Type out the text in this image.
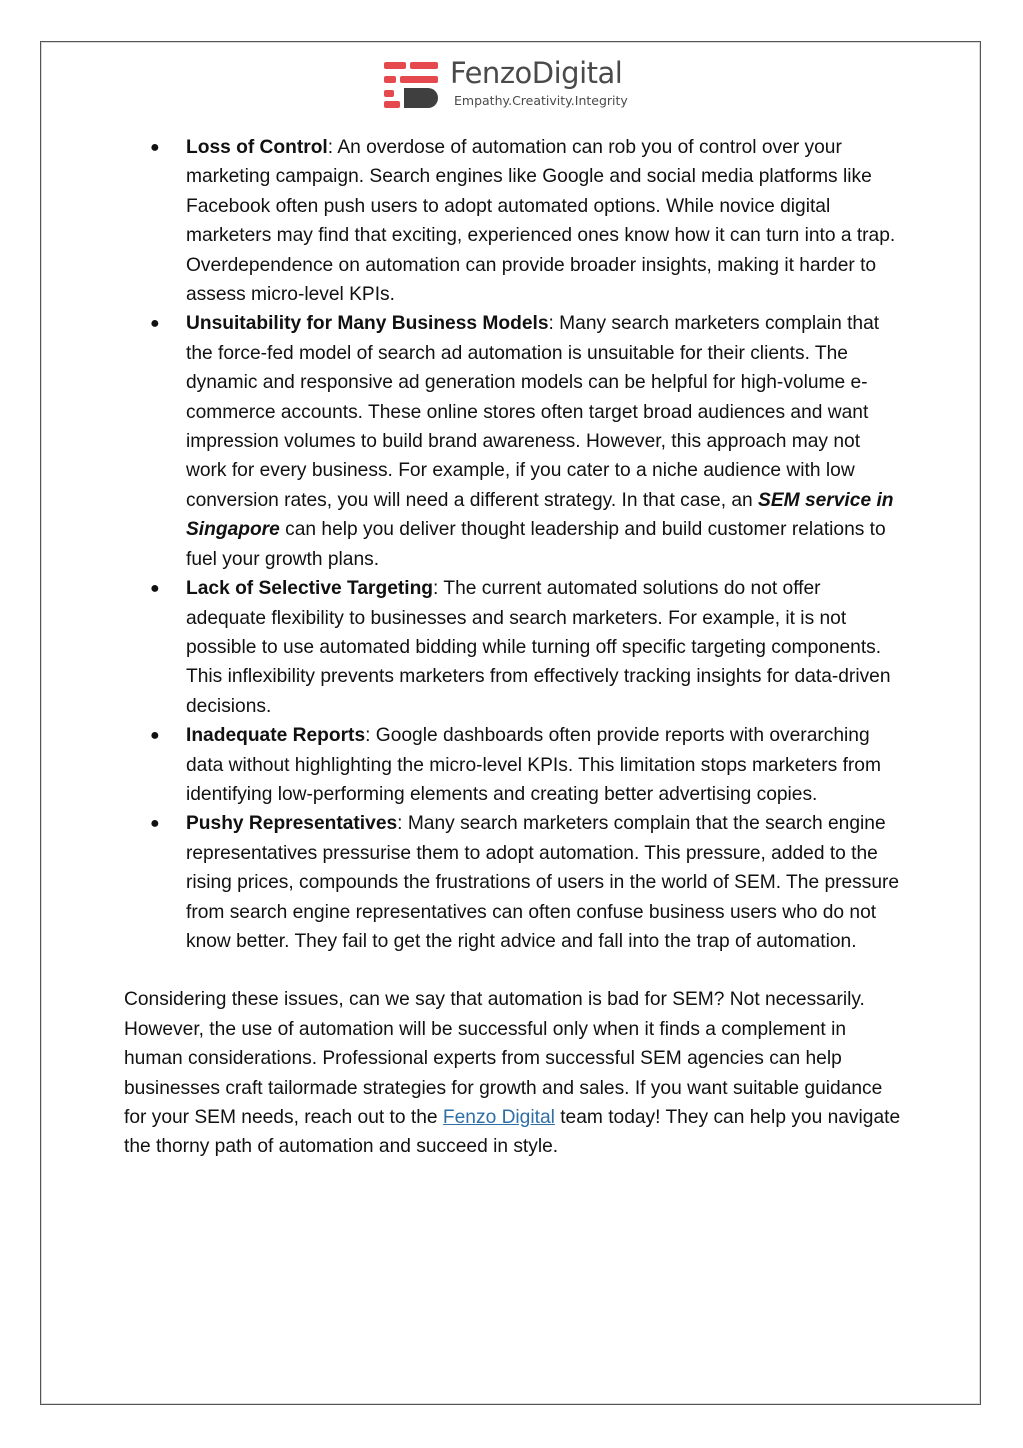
FenzoDigital
Empathy.Creativity.Integrity
● Loss of Control: An overdose of automation can rob you of control over your marketing campaign. Search engines like Google and social media platforms like Facebook often push users to adopt automated options. While novice digital marketers may find that exciting, experienced ones know how it can turn into a trap. Overdependence on automation can provide broader insights, making it harder to assess micro-level KPIs.
● Unsuitability for Many Business Models: Many search marketers complain that the force-fed model of search ad automation is unsuitable for their clients. The dynamic and responsive ad generation models can be helpful for high-volume e-commerce accounts. These online stores often target broad audiences and want impression volumes to build brand awareness. However, this approach may not work for every business. For example, if you cater to a niche audience with low conversion rates, you will need a different strategy. In that case, an SEM service in Singapore can help you deliver thought leadership and build customer relations to fuel your growth plans.
● Lack of Selective Targeting: The current automated solutions do not offer adequate flexibility to businesses and search marketers. For example, it is not possible to use automated bidding while turning off specific targeting components. This inflexibility prevents marketers from effectively tracking insights for data-driven decisions.
● Inadequate Reports: Google dashboards often provide reports with overarching data without highlighting the micro-level KPIs. This limitation stops marketers from identifying low-performing elements and creating better advertising copies.
● Pushy Representatives: Many search marketers complain that the search engine representatives pressurise them to adopt automation. This pressure, added to the rising prices, compounds the frustrations of users in the world of SEM. The pressure from search engine representatives can often confuse business users who do not know better. They fail to get the right advice and fall into the trap of automation.

Considering these issues, can we say that automation is bad for SEM? Not necessarily. However, the use of automation will be successful only when it finds a complement in human considerations. Professional experts from successful SEM agencies can help businesses craft tailormade strategies for growth and sales. If you want suitable guidance for your SEM needs, reach out to the Fenzo Digital team today! They can help you navigate the thorny path of automation and succeed in style.
